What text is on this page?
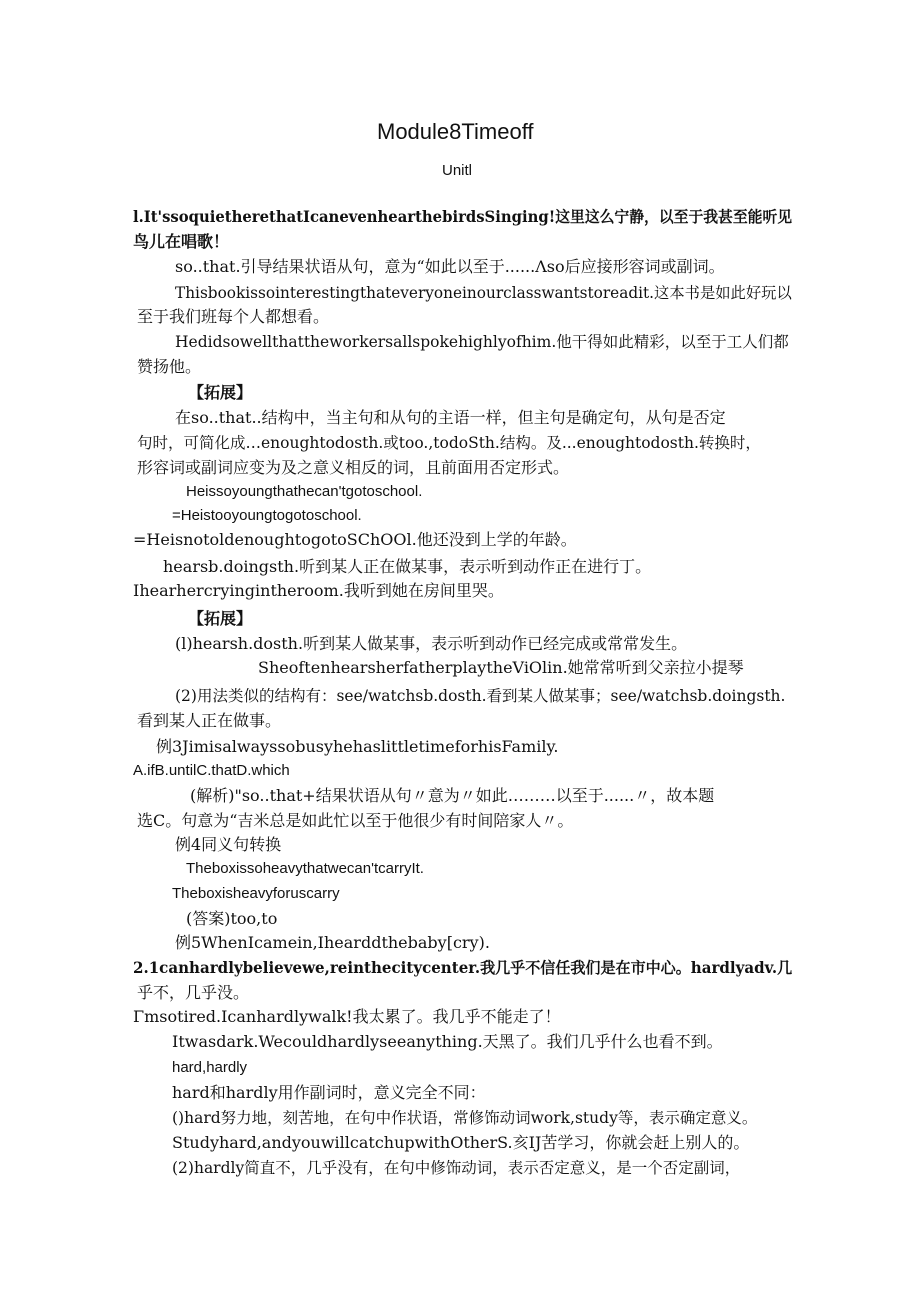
Module8Timeoff
Unitl
l.It'ssoquietherethatIcanevenhearthebirdsSinging!这里这么宁静，以至于我甚至能听见
鸟儿在唱歌！
so..that.引导结果状语从句，意为“如此以至于......Λso后应接形容词或副词。
Thisbookissointerestingthateveryoneinourclasswantstoreadit.这本书是如此好玩以
至于我们班每个人都想看。
Hedidsowellthattheworkersallspokehighlyofhim.他干得如此精彩，以至于工人们都
赞扬他。
【拓展】
在so..that..结构中，当主句和从句的主语一样，但主句是确定句，从句是否定
句时，可简化成…enoughtodosth.或too.,todoSth.结构。及...enoughtodosth.转换时，
形容词或副词应变为及之意义相反的词，且前面用否定形式。
Heissoyoungthathecan'tgotoschool.
=Heistooyoungtogotoschool.
=HeisnotoldenoughtogotoSChOOl.他还没到上学的年龄。
hearsb.doingsth.听到某人正在做某事，表示听到动作正在进行丁。
Ihearhercryingintheroom.我听到她在房间里哭。
【拓展】
(l)hearsh.dosth.听到某人做某事，表示听到动作已经完成或常常发生。
SheoftenhearsherfatherplaytheViOlin.她常常听到父亲拉小提琴
(2)用法类似的结构有：see/watchsb.dosth.看到某人做某事；see/watchsb.doingsth.
看到某人正在做事。
例3JimisalwayssobusyhehaslittletimeforhisFamily.
A.ifB.untilC.thatD.which
(解析)"so..that+结果状语从句〃意为〃如此………以至于......〃，故本题
选C。句意为“吉米总是如此忙以至于他很少有时间陪家人〃。
例4同义句转换
Theboxissoheavythatwecan'tcarryIt.
Theboxisheavyforuscarry
(答案)too,to
例5WhenIcamein,Ihearddthebaby[cry).
2.1canhardlybelievewe,reinthecitycenter.我几乎不信任我们是在市中心。hardlyadv.几
乎不，几乎没。
Γmsotired.Icanhardlywalk!我太累了。我几乎不能走了！
Itwasdark.Wecouldhardlyseeanything.天黑了。我们几乎什么也看不到。
hard,hardly
hard和hardly用作副词时，意义完全不同：
()hard努力地，刻苦地，在句中作状语，常修饰动词work,study等，表示确定意义。
Studyhard,andyouwillcatchupwithOtherS.亥IJ苦学习，你就会赶上别人的。
(2)hardly简直不，几乎没有，在句中修饰动词，表示否定意义，是一个否定副词，
